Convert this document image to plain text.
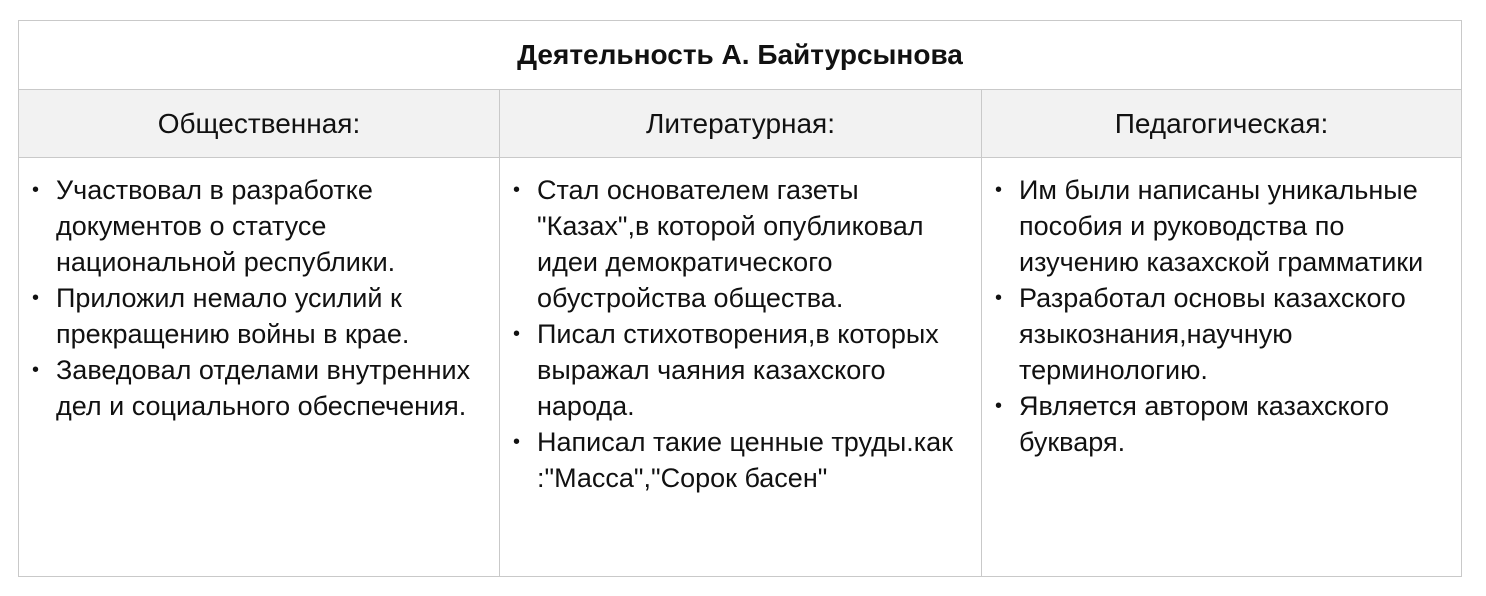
Деятельность А. Байтурсынова
Общественная:
• Участвовал в разработке документов о статусе национальной республики.
• Приложил немало усилий к прекращению войны в крае.
• Заведовал отделами внутренних дел и социального обеспечения.
Литературная:
• Стал основателем газеты "Казах",в которой опубликовал идеи демократического обустройства общества.
• Писал стихотворения,в которых выражал чаяния казахского народа.
• Написал такие ценные труды.как :"Масса","Сорок басен"
Педагогическая:
• Им были написаны уникальные пособия и руководства по изучению казахской грамматики
• Разработал основы казахского языкознания,научную терминологию.
• Является автором казахского букваря.
